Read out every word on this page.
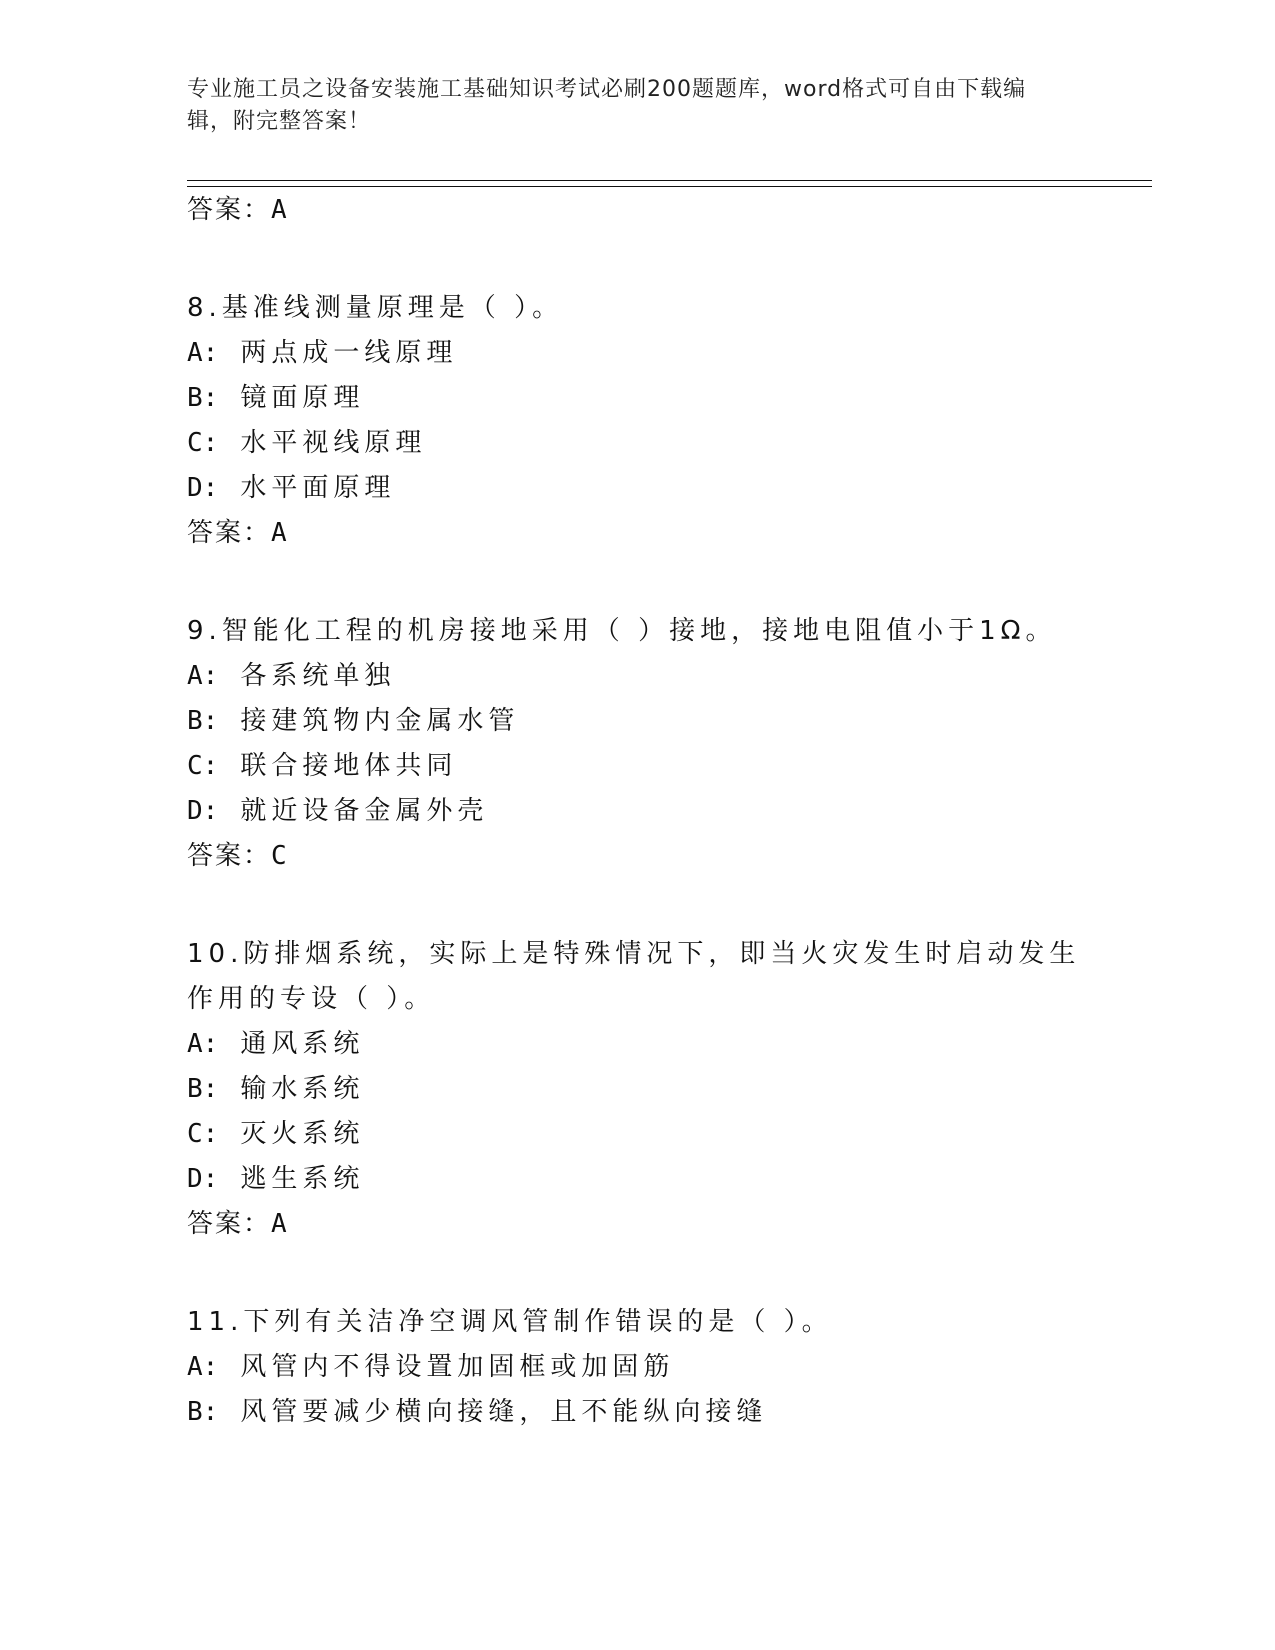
专业施工员之设备安装施工基础知识考试必刷200题题库，word格式可自由下载编辑，附完整答案！
答案：A
8.基准线测量原理是（ ）。
A: 两点成一线原理
B: 镜面原理
C: 水平视线原理
D: 水平面原理
答案：A
9.智能化工程的机房接地采用（ ）接地，接地电阻值小于1Ω。
A: 各系统单独
B: 接建筑物内金属水管
C: 联合接地体共同
D: 就近设备金属外壳
答案：C
10.防排烟系统，实际上是特殊情况下，即当火灾发生时启动发生作用的专设（ ）。
A: 通风系统
B: 输水系统
C: 灭火系统
D: 逃生系统
答案：A
11.下列有关洁净空调风管制作错误的是（ ）。
A: 风管内不得设置加固框或加固筋
B: 风管要减少横向接缝，且不能纵向接缝
